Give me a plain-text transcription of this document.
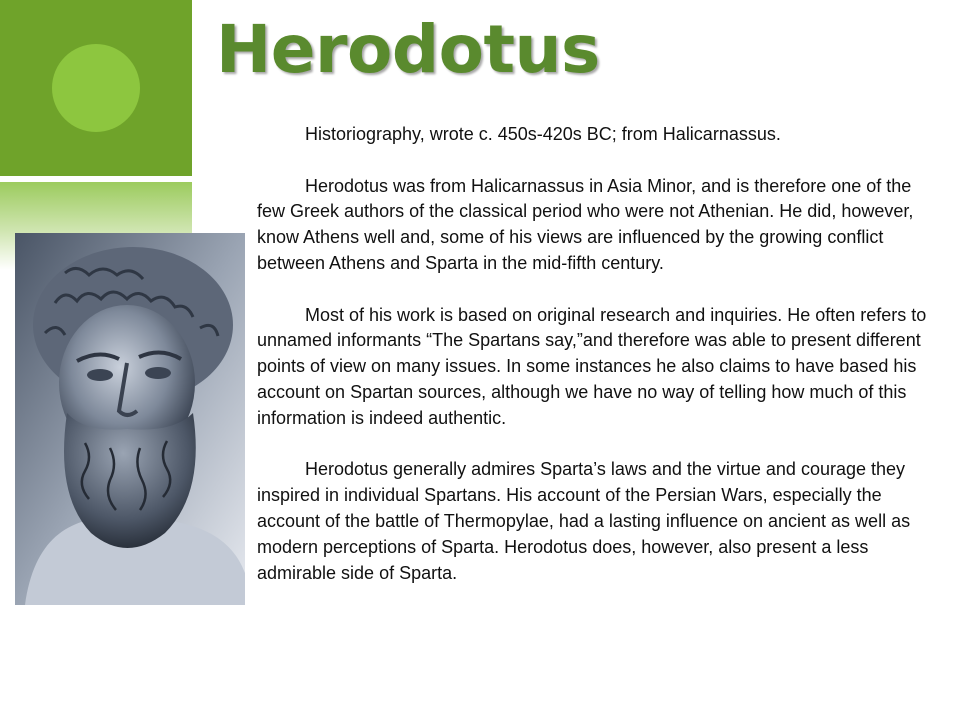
Herodotus

Historiography, wrote c. 450s-420s BC; from Halicarnassus.

Herodotus was from Halicarnassus in Asia Minor, and is therefore one of the few Greek authors of the classical period who were not Athenian. He did, however, know Athens well and, some of his views are influenced by the growing conflict between Athens and Sparta in the mid-fifth century.

Most of his work is based on original research and inquiries. He often refers to unnamed informants “The Spartans say,”and therefore was able to present different points of view on many issues. In some instances he also claims to have based his account on Spartan sources, although we have no way of telling how much of this information is indeed authentic.

Herodotus generally admires Sparta’s laws and the virtue and courage they inspired in individual Spartans. His account of the Persian Wars, especially the account of the battle of Thermopylae, had a lasting influence on ancient as well as modern perceptions of Sparta. Herodotus does, however, also present a less admirable side of Sparta.
